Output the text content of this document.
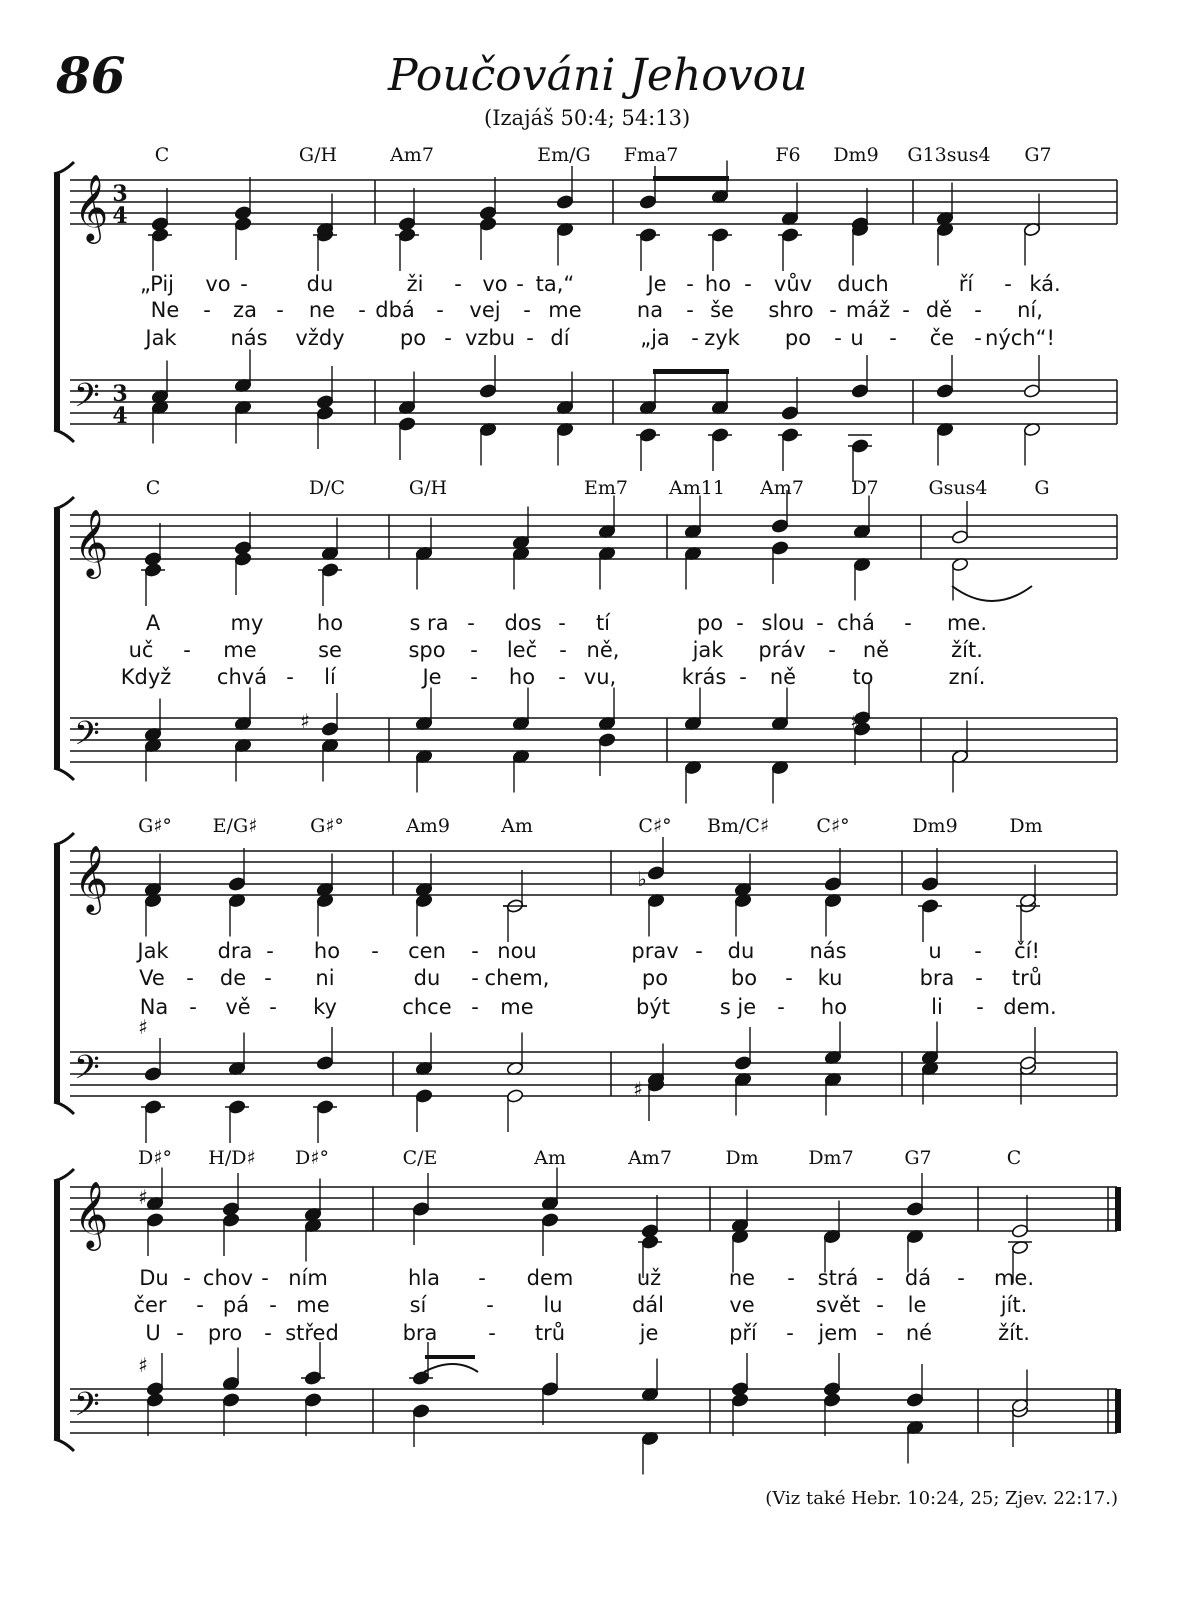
𝄞
𝄢
3
4
3
4
C	G/H	Am7	Em/G Fma7	F6 Dm9 G13sus4 G7
„Pij vo -	du	ži - vo - ta,“	Je - ho - vův duch	ří - ká.
Ne - za - ne - dbá - vej - me	na - še shro - máž - dě - ní,
Jak	nás vždy	po - vzbu - dí	„ja - zyk po - u - če - ných“!
𝄞
𝄢
C	D/C	G/H	Em7 Am11 Am7 D7	Gsus4 G
A	my	ho	s ra - dos - tí	po - slou - chá - me.
uč - me	se	spo - leč - ně,	jak práv - ně	žít.
Když chvá - lí	Je - ho - vu,	krás - ně	to	zní.
𝄞
𝄢
G♯° E/G♯	G♯°	Am9	Am	C♯° Bm/C♯ C♯°	Dm9	Dm
Jak dra - ho - cen - nou	prav - du	nás	u - čí!
Ve - de - ni	du - chem,	po	bo - ku	bra - trů
Na - vě - ky	chce - me	být s je - ho	li - dem.
𝄞
𝄢
D♯° H/D♯ D♯°	C/E	Am	Am7	Dm	Dm7	G7	C
Du - chov - ním	hla - dem	už	ne - strá - dá - me.
čer - pá - me	sí	- lu	dál	ve	svět - le	jít.
U - pro - střed	bra - trů	je	pří - jem - né	žít.
♯
♯
♯	♯
♯
♯
♭
86	Poučováni Jehovou
(Izajáš 50:4; 54:13)
(Viz také Hebr. 10:24, 25; Zjev. 22:17.)
